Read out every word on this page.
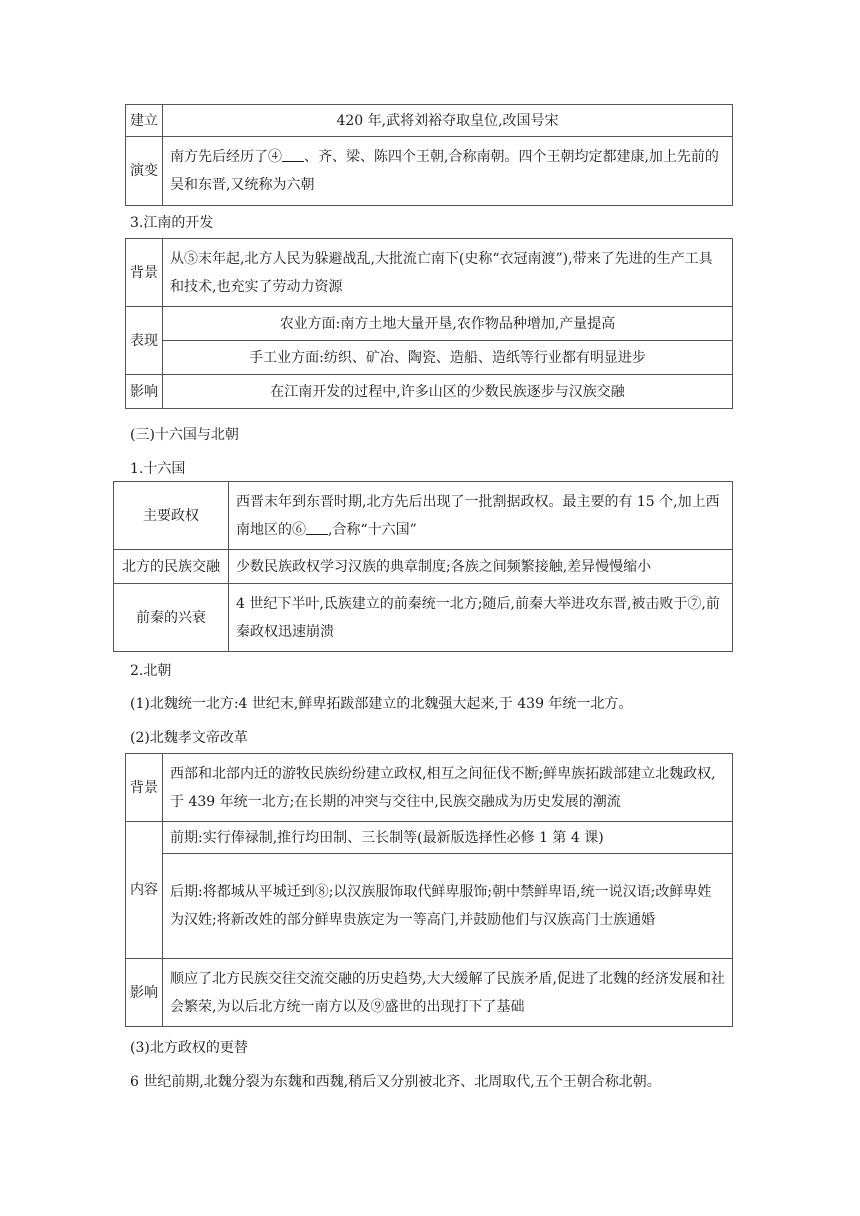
建立	420 年,武将刘裕夺取皇位,改国号宋
演变	南方先后经历了④ 、齐、梁、陈四个王朝,合称南朝。四个王朝均定都建康,加上先前的吴和东晋,又统称为六朝
3.江南的开发
背景	从⑤末年起,北方人民为躲避战乱,大批流亡南下(史称“衣冠南渡”),带来了先进的生产工具和技术,也充实了劳动力资源
表现	农业方面:南方土地大量开垦,农作物品种增加,产量提高
	手工业方面:纺织、矿冶、陶瓷、造船、造纸等行业都有明显进步
影响	在江南开发的过程中,许多山区的少数民族逐步与汉族交融
(三)十六国与北朝
1.十六国
主要政权	西晋末年到东晋时期,北方先后出现了一批割据政权。最主要的有 15 个,加上西南地区的⑥ ,合称“十六国”
北方的民族交融	少数民族政权学习汉族的典章制度;各族之间频繁接触,差异慢慢缩小
前秦的兴衰	4 世纪下半叶,氐族建立的前秦统一北方;随后,前秦大举进攻东晋,被击败于⑦,前秦政权迅速崩溃
2.北朝
(1)北魏统一北方:4 世纪末,鲜卑拓跋部建立的北魏强大起来,于 439 年统一北方。
(2)北魏孝文帝改革
背景	西部和北部内迁的游牧民族纷纷建立政权,相互之间征伐不断;鲜卑族拓跋部建立北魏政权,于 439 年统一北方;在长期的冲突与交往中,民族交融成为历史发展的潮流
内容	前期:实行俸禄制,推行均田制、三长制等(最新版选择性必修 1 第 4 课)
	后期:将都城从平城迁到⑧;以汉族服饰取代鲜卑服饰;朝中禁鲜卑语,统一说汉语;改鲜卑姓为汉姓;将新改姓的部分鲜卑贵族定为一等高门,并鼓励他们与汉族高门士族通婚
影响	顺应了北方民族交往交流交融的历史趋势,大大缓解了民族矛盾,促进了北魏的经济发展和社会繁荣,为以后北方统一南方以及⑨盛世的出现打下了基础
(3)北方政权的更替
6 世纪前期,北魏分裂为东魏和西魏,稍后又分别被北齐、北周取代,五个王朝合称北朝。
